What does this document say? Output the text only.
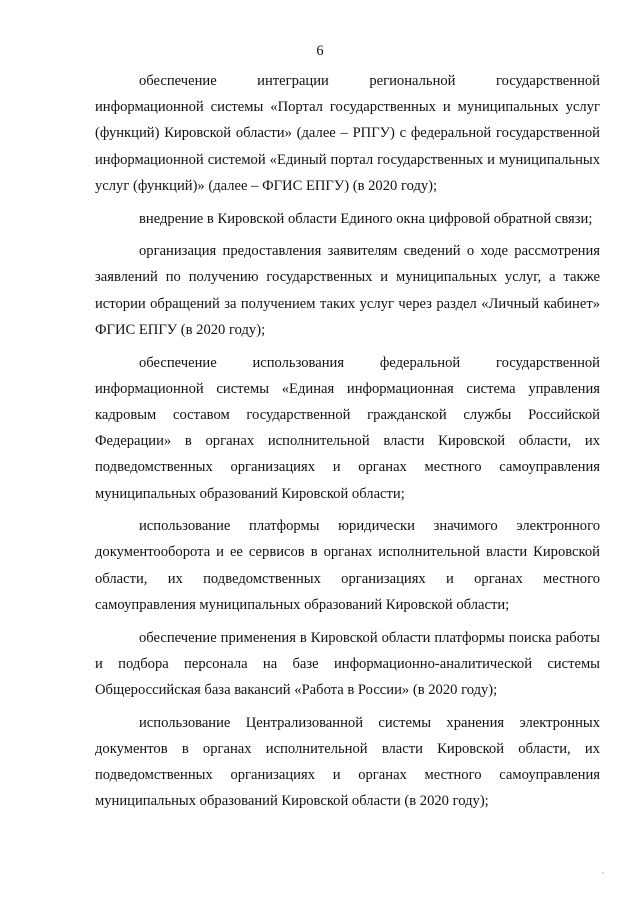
6

обеспечение интеграции региональной государственной информационной системы «Портал государственных и муниципальных услуг (функций) Кировской области» (далее – РПГУ) с федеральной государственной информационной системой «Единый портал государственных и муниципальных услуг (функций)» (далее – ФГИС ЕПГУ) (в 2020 году);

внедрение в Кировской области Единого окна цифровой обратной связи;

организация предоставления заявителям сведений о ходе рассмотрения заявлений по получению государственных и муниципальных услуг, а также истории обращений за получением таких услуг через раздел «Личный кабинет» ФГИС ЕПГУ (в 2020 году);

обеспечение использования федеральной государственной информационной системы «Единая информационная система управления кадровым составом государственной гражданской службы Российской Федерации» в органах исполнительной власти Кировской области, их подведомственных организациях и органах местного самоуправления муниципальных образований Кировской области;

использование платформы юридически значимого электронного документооборота и ее сервисов в органах исполнительной власти Кировской области, их подведомственных организациях и органах местного самоуправления муниципальных образований Кировской области;

обеспечение применения в Кировской области платформы поиска работы и подбора персонала на базе информационно-аналитической системы Общероссийская база вакансий «Работа в России» (в 2020 году);

использование Централизованной системы хранения электронных документов в органах исполнительной власти Кировской области, их подведомственных организациях и органах местного самоуправления муниципальных образований Кировской области (в 2020 году);
